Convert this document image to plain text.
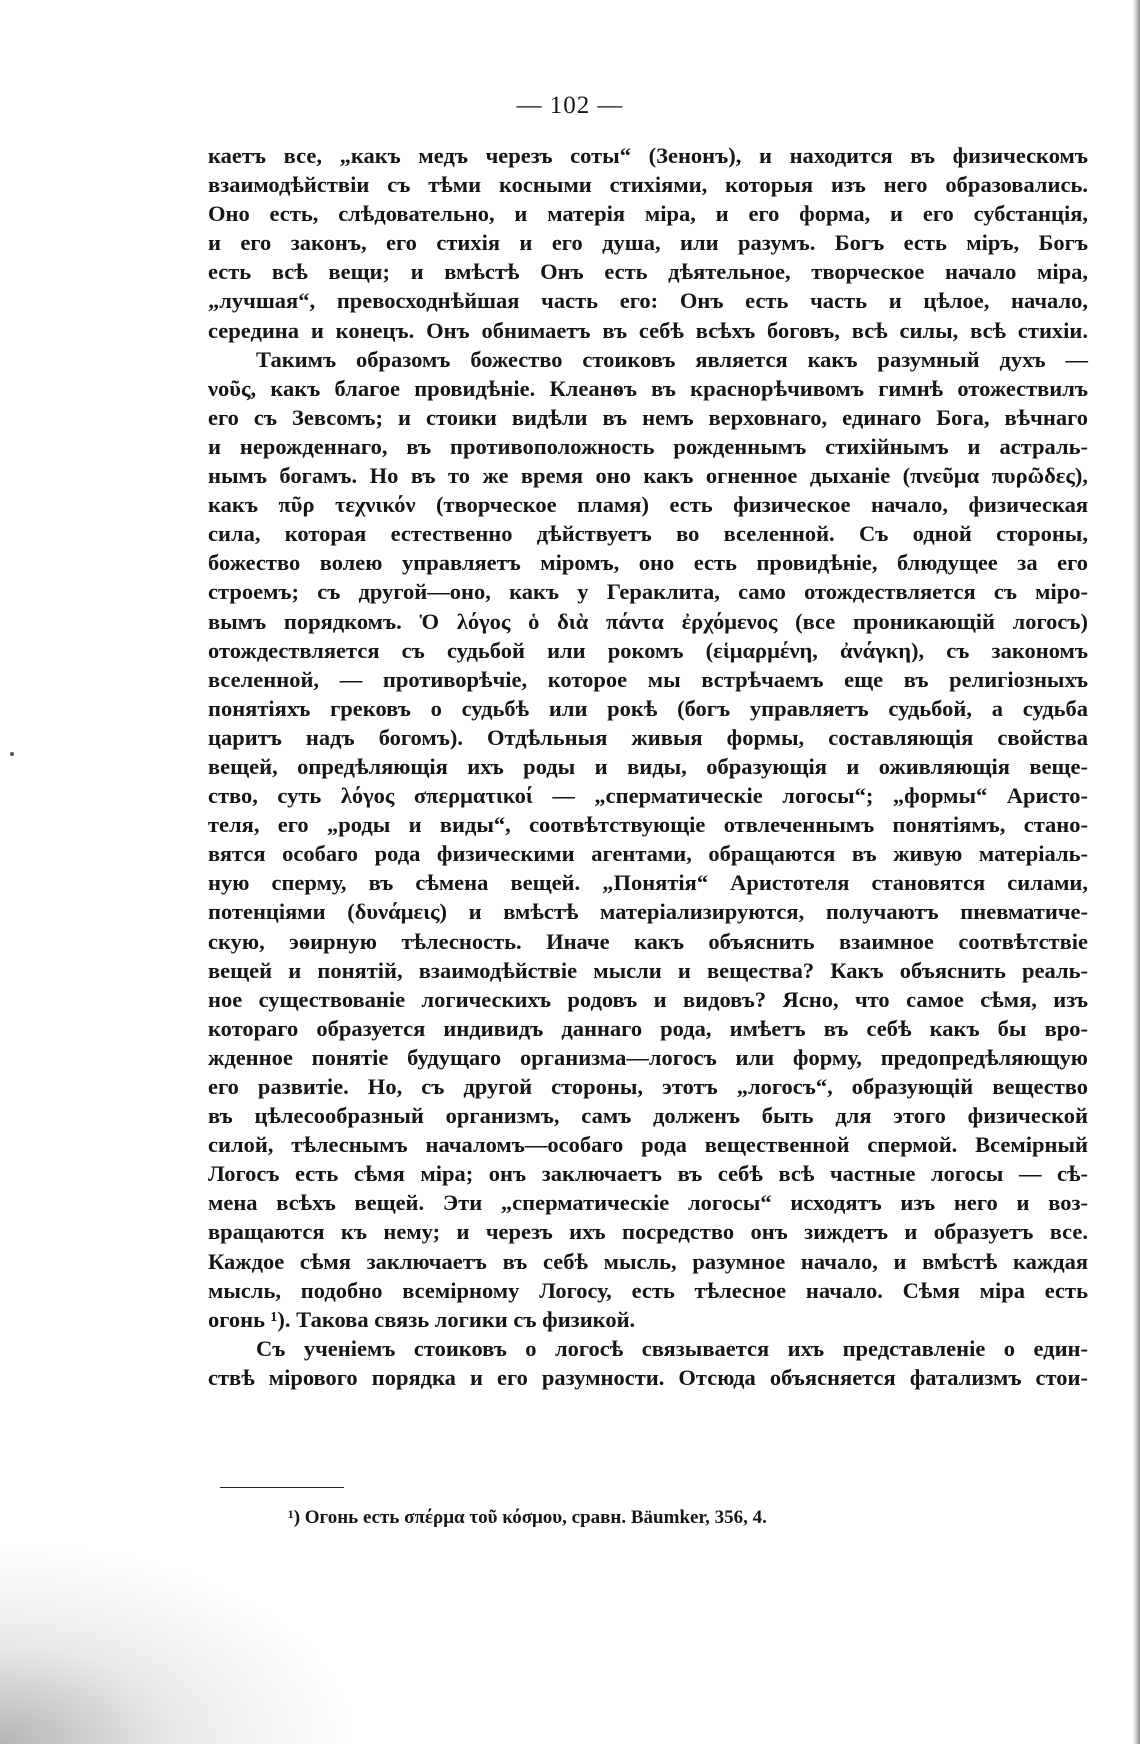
— 102 —
каетъ все, „какъ медъ черезъ соты“ (Зенонъ), и находится въ физическомъ
взаимодѣйствіи съ тѣми косными стихіями, которыя изъ него образовались.
Оно есть, слѣдовательно, и матерія міра, и его форма, и его субстанція,
и его законъ, его стихія и его душа, или разумъ. Богъ есть міръ, Богъ
есть всѣ вещи; и вмѣстѣ Онъ есть дѣятельное, творческое начало міра,
„лучшая“, превосходнѣйшая часть его: Онъ есть часть и цѣлое, начало,
середина и конецъ. Онъ обнимаетъ въ себѣ всѣхъ боговъ, всѣ силы, всѣ стихіи.
Такимъ образомъ божество стоиковъ является какъ разумный духъ —
νοῦς, какъ благое провидѣніе. Клеанѳъ въ краснорѣчивомъ гимнѣ отожествилъ
его съ Зевсомъ; и стоики видѣли въ немъ верховнаго, единаго Бога, вѣчнаго
и нерожденнаго, въ противоположность рожденнымъ стихійнымъ и астраль-
нымъ богамъ. Но въ то же время оно какъ огненное дыханіе (πνεῦμα πυρῶδες),
какъ πῦρ τεχνικόν (творческое пламя) есть физическое начало, физическая
сила, которая естественно дѣйствуетъ во вселенной. Съ одной стороны,
божество волею управляетъ міромъ, оно есть провидѣніе, блюдущее за его
строемъ; съ другой—оно, какъ у Гераклита, само отождествляется съ міро-
вымъ порядкомъ. Ὁ λόγος ὁ διὰ πάντα ἐρχόμενος (все проникающій логосъ)
отождествляется съ судьбой или рокомъ (εἱμαρμένη, ἀνάγκη), съ закономъ
вселенной, — противорѣчіе, которое мы встрѣчаемъ еще въ религіозныхъ
понятіяхъ грековъ о судьбѣ или рокѣ (богъ управляетъ судьбой, а судьба
царитъ надъ богомъ). Отдѣльныя живыя формы, составляющія свойства
вещей, опредѣляющія ихъ роды и виды, образующія и оживляющія веще-
ство, суть λόγος σπερματικοί — „сперматическіе логосы“; „формы“ Аристо-
теля, его „роды и виды“, соотвѣтствующіе отвлеченнымъ понятіямъ, стано-
вятся особаго рода физическими агентами, обращаются въ живую матеріаль-
ную сперму, въ сѣмена вещей. „Понятія“ Аристотеля становятся силами,
потенціями (δυνάμεις) и вмѣстѣ матеріализируются, получаютъ пневматиче-
скую, эѳирную тѣлесность. Иначе какъ объяснить взаимное соотвѣтствіе
вещей и понятій, взаимодѣйствіе мысли и вещества? Какъ объяснить реаль-
ное существованіе логическихъ родовъ и видовъ? Ясно, что самое сѣмя, изъ
котораго образуется индивидъ даннаго рода, имѣетъ въ себѣ какъ бы вро-
жденное понятіе будущаго организма—логосъ или форму, предопредѣляющую
его развитіе. Но, съ другой стороны, этотъ „логосъ“, образующій вещество
въ цѣлесообразный организмъ, самъ долженъ быть для этого физической
силой, тѣлеснымъ началомъ—особаго рода вещественной спермой. Всемірный
Логосъ есть сѣмя міра; онъ заключаетъ въ себѣ всѣ частные логосы — сѣ-
мена всѣхъ вещей. Эти „сперматическіе логосы“ исходятъ изъ него и воз-
вращаются къ нему; и черезъ ихъ посредство онъ зиждетъ и образуетъ все.
Каждое сѣмя заключаетъ въ себѣ мысль, разумное начало, и вмѣстѣ каждая
мысль, подобно всемірному Логосу, есть тѣлесное начало. Сѣмя міра есть
огонь ¹). Такова связь логики съ физикой.
Съ ученіемъ стоиковъ о логосѣ связывается ихъ представленіе о един-
ствѣ мірового порядка и его разумности. Отсюда объясняется фатализмъ стои-
¹) Огонь есть σπέρμα τοῦ κόσμου, сравн. Bäumker, 356, 4.
